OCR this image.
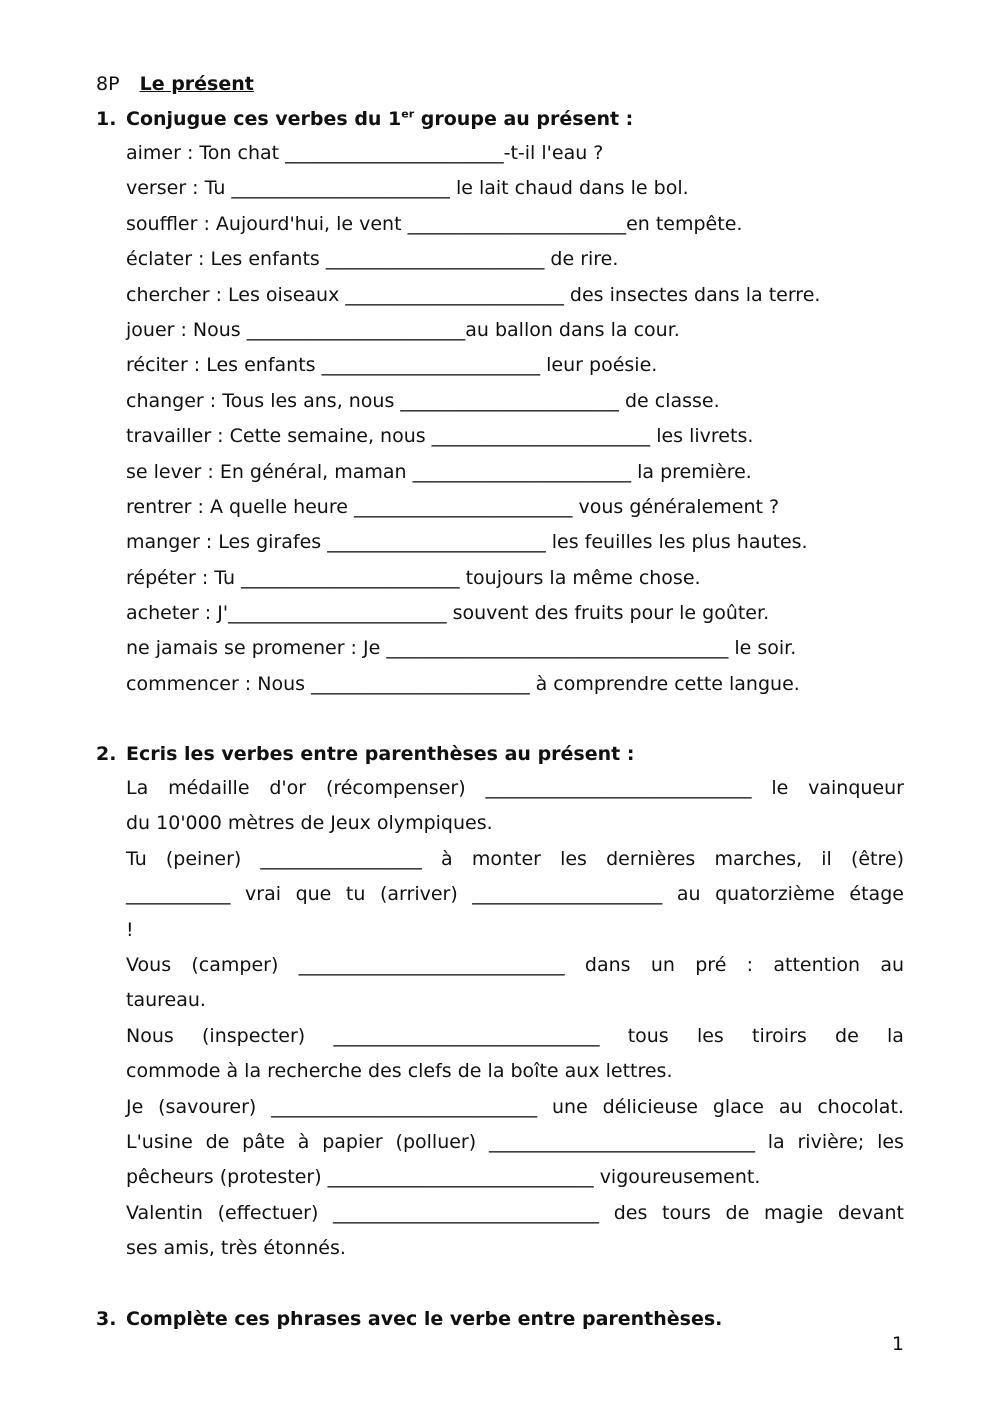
8P Le présent
1. Conjugue ces verbes du 1er groupe au présent :
aimer : Ton chat _______________________-t-il l'eau ?
verser : Tu _______________________ le lait chaud dans le bol.
souffler : Aujourd'hui, le vent _______________________en tempête.
éclater : Les enfants _______________________ de rire.
chercher : Les oiseaux _______________________ des insectes dans la terre.
jouer : Nous _______________________au ballon dans la cour.
réciter : Les enfants _______________________ leur poésie.
changer : Tous les ans, nous _______________________ de classe.
travailler : Cette semaine, nous _______________________ les livrets.
se lever : En général, maman _______________________ la première.
rentrer : A quelle heure _______________________ vous généralement ?
manger : Les girafes _______________________ les feuilles les plus hautes.
répéter : Tu _______________________ toujours la même chose.
acheter : J'_______________________ souvent des fruits pour le goûter.
ne jamais se promener : Je ____________________________________ le soir.
commencer : Nous _______________________ à comprendre cette langue.
2. Ecris les verbes entre parenthèses au présent :
La médaille d'or (récompenser) ____________________________ le vainqueur
du 10'000 mètres de Jeux olympiques.
Tu (peiner) _________________ à monter les dernières marches, il (être)
___________ vrai que tu (arriver) ____________________ au quatorzième étage
!
Vous (camper) ____________________________ dans un pré : attention au
taureau.
Nous (inspecter) ____________________________ tous les tiroirs de la
commode à la recherche des clefs de la boîte aux lettres.
Je (savourer) ____________________________ une délicieuse glace au chocolat.
L'usine de pâte à papier (polluer) ____________________________ la rivière; les
pêcheurs (protester) ____________________________ vigoureusement.
Valentin (effectuer) ____________________________ des tours de magie devant
ses amis, très étonnés.
3. Complète ces phrases avec le verbe entre parenthèses.
1
